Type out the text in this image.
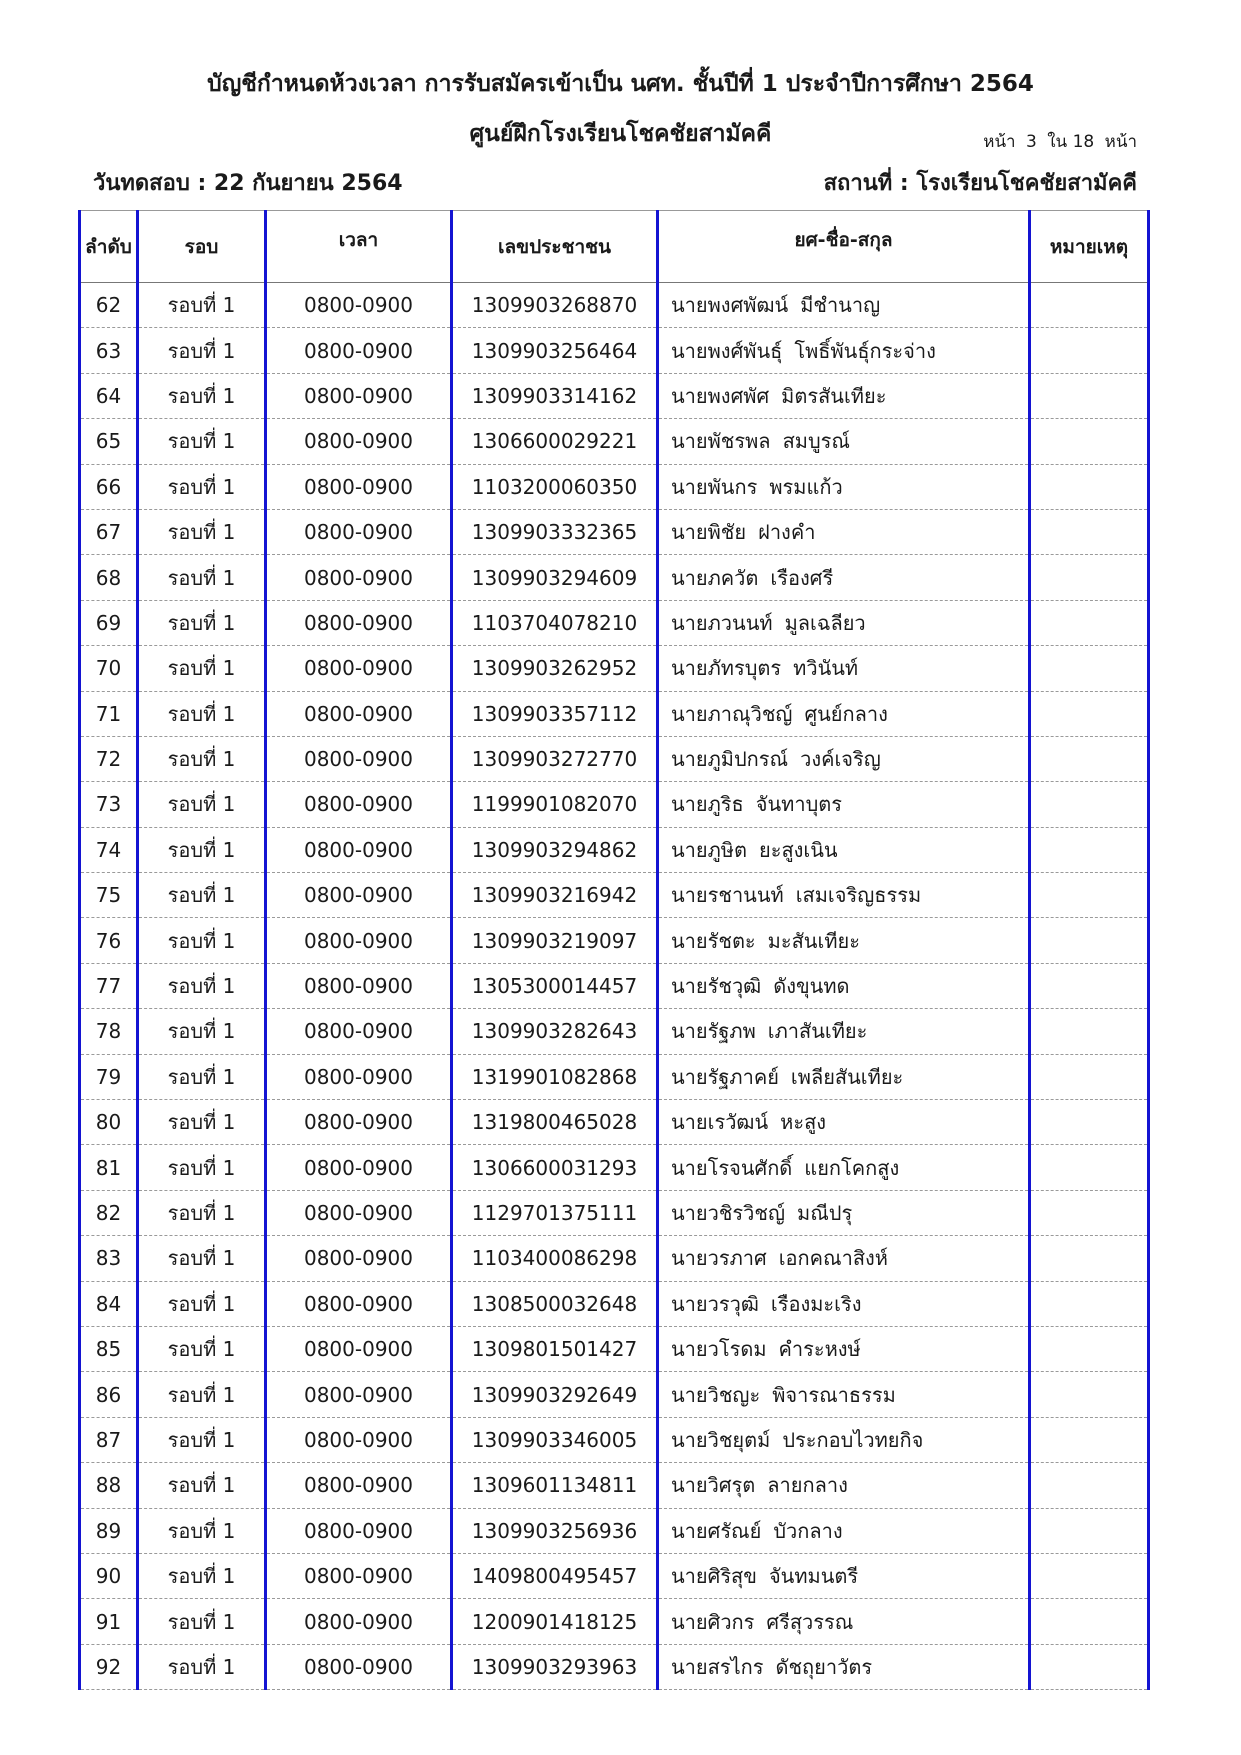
บัญชีกำหนดห้วงเวลา การรับสมัครเข้าเป็น นศท. ชั้นปีที่ 1 ประจำปีการศึกษา 2564
ศูนย์ฝึกโรงเรียนโชคชัยสามัคคี	หน้า 3 ใน 18 หน้า
วันทดสอบ : 22 กันยายน 2564	สถานที่ : โรงเรียนโชคชัยสามัคคี
ลำดับ	รอบ	เวลา	เลขประชาชน	ยศ-ชื่อ-สกุล	หมายเหตุ
62	รอบที่ 1	0800-0900	1309903268870	นายพงศพัฒน์ มีชำนาญ	
63	รอบที่ 1	0800-0900	1309903256464	นายพงศ์พันธุ์ โพธิ์พันธุ์กระจ่าง	
64	รอบที่ 1	0800-0900	1309903314162	นายพงศพัศ มิตรสันเทียะ	
65	รอบที่ 1	0800-0900	1306600029221	นายพัชรพล สมบูรณ์	
66	รอบที่ 1	0800-0900	1103200060350	นายพันกร พรมแก้ว	
67	รอบที่ 1	0800-0900	1309903332365	นายพิชัย ฝางคำ	
68	รอบที่ 1	0800-0900	1309903294609	นายภควัต เรืองศรี	
69	รอบที่ 1	0800-0900	1103704078210	นายภวนนท์ มูลเฉลียว	
70	รอบที่ 1	0800-0900	1309903262952	นายภัทรบุตร ทวินันท์	
71	รอบที่ 1	0800-0900	1309903357112	นายภาณุวิชญ์ ศูนย์กลาง	
72	รอบที่ 1	0800-0900	1309903272770	นายภูมิปกรณ์ วงค์เจริญ	
73	รอบที่ 1	0800-0900	1199901082070	นายภูริธ จันทาบุตร	
74	รอบที่ 1	0800-0900	1309903294862	นายภูษิต ยะสูงเนิน	
75	รอบที่ 1	0800-0900	1309903216942	นายรชานนท์ เสมเจริญธรรม	
76	รอบที่ 1	0800-0900	1309903219097	นายรัชตะ มะสันเทียะ	
77	รอบที่ 1	0800-0900	1305300014457	นายรัชวุฒิ ดังขุนทด	
78	รอบที่ 1	0800-0900	1309903282643	นายรัฐภพ เภาสันเทียะ	
79	รอบที่ 1	0800-0900	1319901082868	นายรัฐภาคย์ เพลียสันเทียะ	
80	รอบที่ 1	0800-0900	1319800465028	นายเรวัฒน์ หะสูง	
81	รอบที่ 1	0800-0900	1306600031293	นายโรจนศักดิ์ แยกโคกสูง	
82	รอบที่ 1	0800-0900	1129701375111	นายวชิรวิชญ์ มณีปรุ	
83	รอบที่ 1	0800-0900	1103400086298	นายวรภาศ เอกคณาสิงห์	
84	รอบที่ 1	0800-0900	1308500032648	นายวรวุฒิ เรืองมะเริง	
85	รอบที่ 1	0800-0900	1309801501427	นายวโรดม คำระหงษ์	
86	รอบที่ 1	0800-0900	1309903292649	นายวิชญะ พิจารณาธรรม	
87	รอบที่ 1	0800-0900	1309903346005	นายวิชยุตม์ ประกอบไวทยกิจ	
88	รอบที่ 1	0800-0900	1309601134811	นายวิศรุต ลายกลาง	
89	รอบที่ 1	0800-0900	1309903256936	นายศรัณย์ บัวกลาง	
90	รอบที่ 1	0800-0900	1409800495457	นายศิริสุข จันทมนตรี	
91	รอบที่ 1	0800-0900	1200901418125	นายศิวกร ศรีสุวรรณ	
92	รอบที่ 1	0800-0900	1309903293963	นายสรไกร ดัชถุยาวัตร	
